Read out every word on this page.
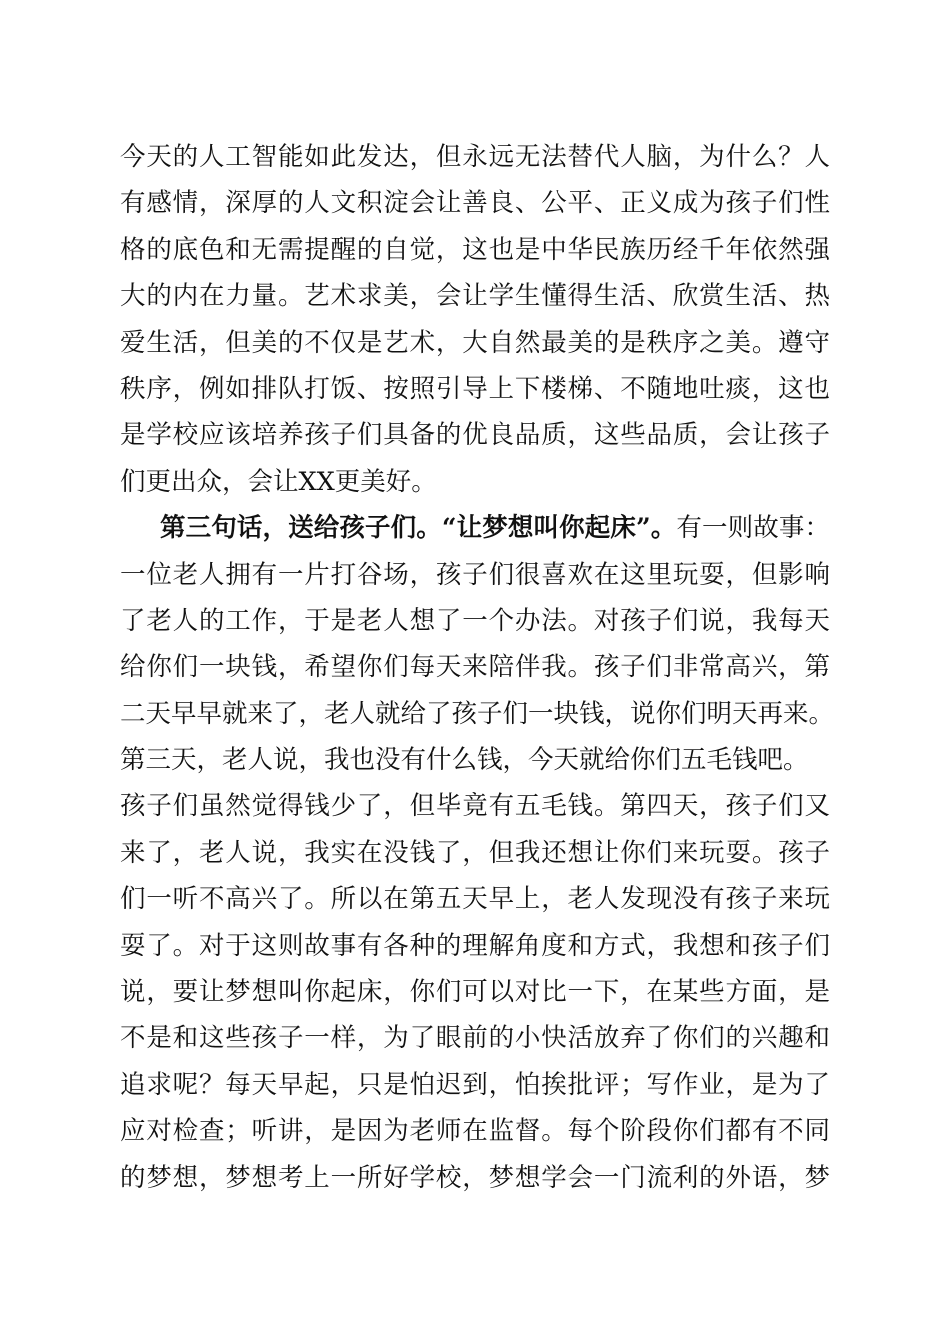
今天的人工智能如此发达，但永远无法替代人脑，为什么？人
有感情，深厚的人文积淀会让善良、公平、正义成为孩子们性
格的底色和无需提醒的自觉，这也是中华民族历经千年依然强
大的内在力量。艺术求美，会让学生懂得生活、欣赏生活、热
爱生活，但美的不仅是艺术，大自然最美的是秩序之美。遵守
秩序，例如排队打饭、按照引导上下楼梯、不随地吐痰，这也
是学校应该培养孩子们具备的优良品质，这些品质，会让孩子
们更出众，会让XX更美好。
第三句话，送给孩子们。“让梦想叫你起床”。有一则故事：
一位老人拥有一片打谷场，孩子们很喜欢在这里玩耍，但影响
了老人的工作，于是老人想了一个办法。对孩子们说，我每天
给你们一块钱，希望你们每天来陪伴我。孩子们非常高兴，第
二天早早就来了，老人就给了孩子们一块钱，说你们明天再来。
第三天，老人说，我也没有什么钱，今天就给你们五毛钱吧。
孩子们虽然觉得钱少了，但毕竟有五毛钱。第四天，孩子们又
来了，老人说，我实在没钱了，但我还想让你们来玩耍。孩子
们一听不高兴了。所以在第五天早上，老人发现没有孩子来玩
耍了。对于这则故事有各种的理解角度和方式，我想和孩子们
说，要让梦想叫你起床，你们可以对比一下，在某些方面，是
不是和这些孩子一样，为了眼前的小快活放弃了你们的兴趣和
追求呢？每天早起，只是怕迟到，怕挨批评；写作业，是为了
应对检查；听讲，是因为老师在监督。每个阶段你们都有不同
的梦想，梦想考上一所好学校，梦想学会一门流利的外语，梦
